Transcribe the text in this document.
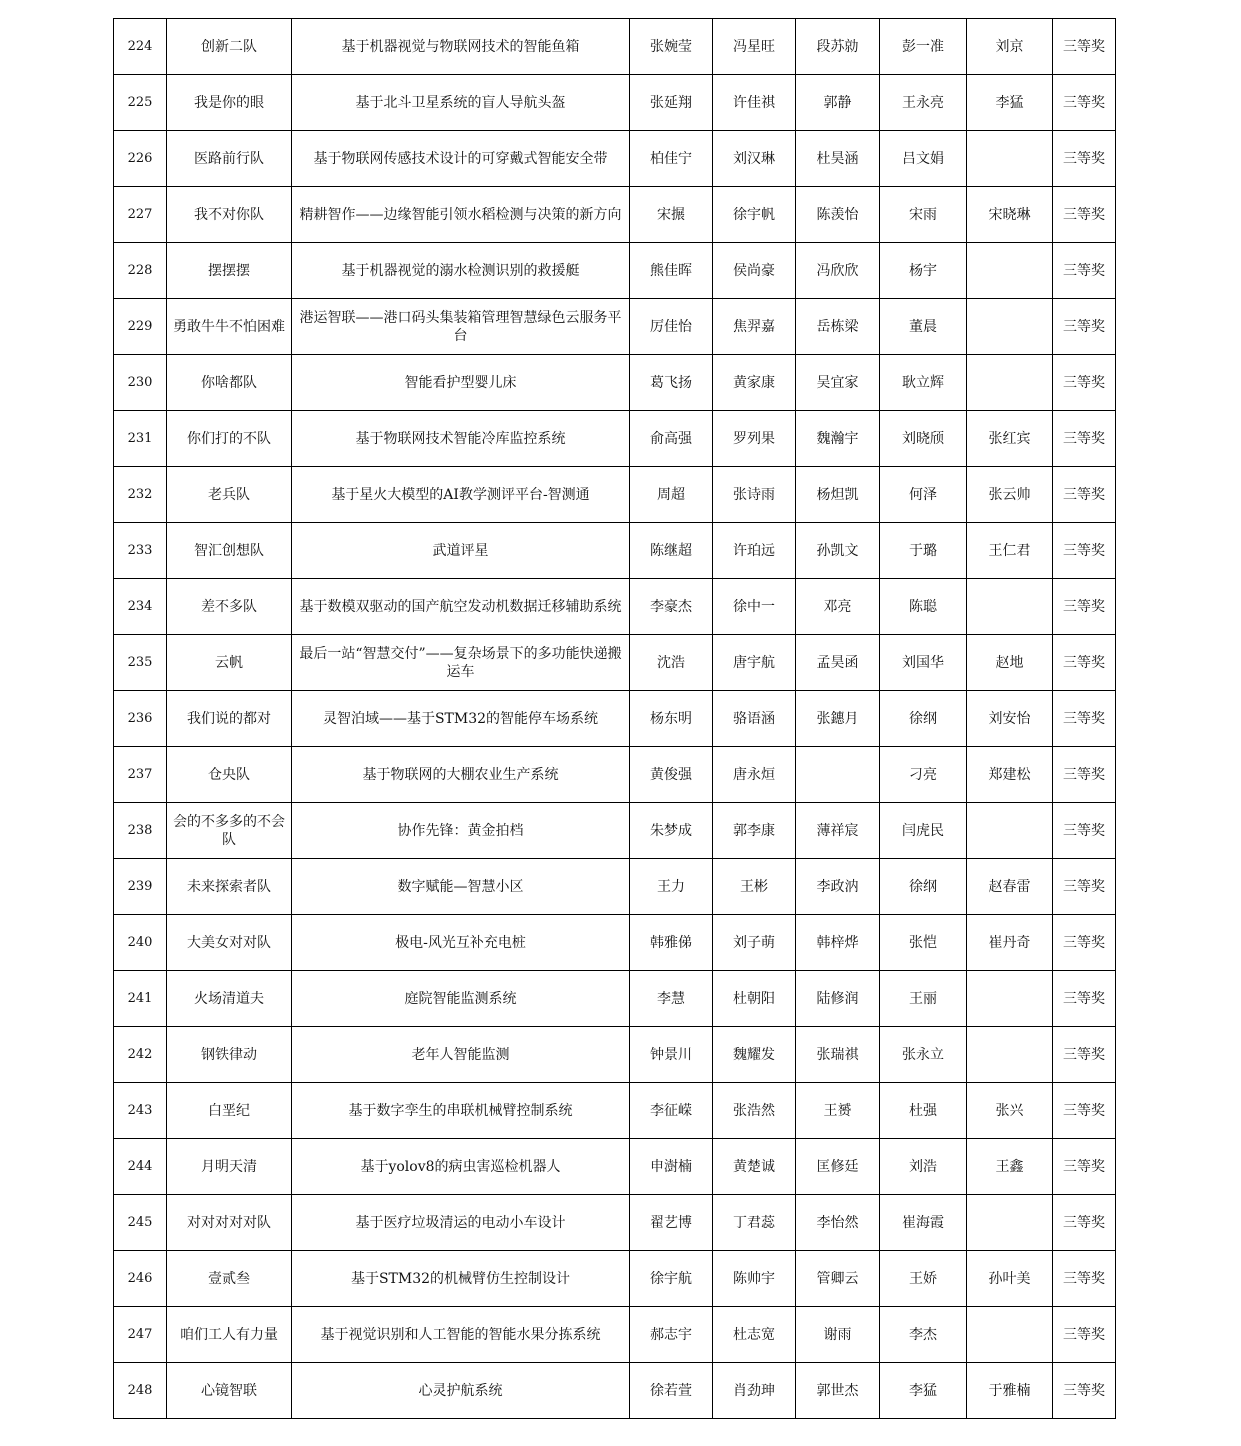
224	创新二队	基于机器视觉与物联网技术的智能鱼箱	张婉莹	冯星旺	段苏勍	彭一准	刘京	三等奖
225	我是你的眼	基于北斗卫星系统的盲人导航头盔	张延翔	许佳祺	郭静	王永亮	李猛	三等奖
226	医路前行队	基于物联网传感技术设计的可穿戴式智能安全带	柏佳宁	刘汉琳	杜昊涵	吕文娟		三等奖
227	我不对你队	精耕智作——边缘智能引领水稻检测与决策的新方向	宋搌	徐宇帆	陈羡怡	宋雨	宋晓琳	三等奖
228	摆摆摆	基于机器视觉的溺水检测识别的救援艇	熊佳晖	侯尚豪	冯欣欣	杨宇		三等奖
229	勇敢牛牛不怕困难	港运智联——港口码头集装箱管理智慧绿色云服务平台	厉佳怡	焦羿嘉	岳栋梁	董晨		三等奖
230	你啥都队	智能看护型婴儿床	葛飞扬	黄家康	吴宜家	耿立辉		三等奖
231	你们打的不队	基于物联网技术智能冷库监控系统	俞高强	罗列果	魏瀚宇	刘晓颀	张红宾	三等奖
232	老兵队	基于星火大模型的AI教学测评平台-智测通	周超	张诗雨	杨炟凯	何泽	张云帅	三等奖
233	智汇创想队	武道评星	陈继超	许珀远	孙凯文	于璐	王仁君	三等奖
234	差不多队	基于数模双驱动的国产航空发动机数据迁移辅助系统	李豪杰	徐中一	邓亮	陈聪		三等奖
235	云帆	最后一站“智慧交付”——复杂场景下的多功能快递搬运车	沈浩	唐宇航	孟昊函	刘国华	赵地	三等奖
236	我们说的都对	灵智泊域——基于STM32的智能停车场系统	杨东明	骆语涵	张鏸月	徐纲	刘安怡	三等奖
237	仓央队	基于物联网的大棚农业生产系统	黄俊强	唐永烜		刁亮	郑建松	三等奖
238	会的不多多的不会队	协作先锋：黄金拍档	朱梦成	郭李康	薄祥宸	闫虎民		三等奖
239	未来探索者队	数字赋能—智慧小区	王力	王彬	李政汭	徐纲	赵春雷	三等奖
240	大美女对对队	极电-风光互补充电桩	韩雅俤	刘子萌	韩梓烨	张恺	崔丹奇	三等奖
241	火场清道夫	庭院智能监测系统	李慧	杜朝阳	陆修润	王丽		三等奖
242	钢铁律动	老年人智能监测	钟景川	魏耀发	张瑞祺	张永立		三等奖
243	白垩纪	基于数字孪生的串联机械臂控制系统	李征嵘	张浩然	王赟	杜强	张兴	三等奖
244	月明天清	基于yolov8的病虫害巡检机器人	申澍楠	黄楚诚	匡修廷	刘浩	王鑫	三等奖
245	对对对对对队	基于医疗垃圾清运的电动小车设计	翟艺博	丁君蕊	李怡然	崔海霞		三等奖
246	壹贰叁	基于STM32的机械臂仿生控制设计	徐宇航	陈帅宇	管卿云	王娇	孙叶美	三等奖
247	咱们工人有力量	基于视觉识别和人工智能的智能水果分拣系统	郝志宇	杜志宽	谢雨	李杰		三等奖
248	心镜智联	心灵护航系统	徐若萱	肖劲珅	郭世杰	李猛	于雅楠	三等奖
